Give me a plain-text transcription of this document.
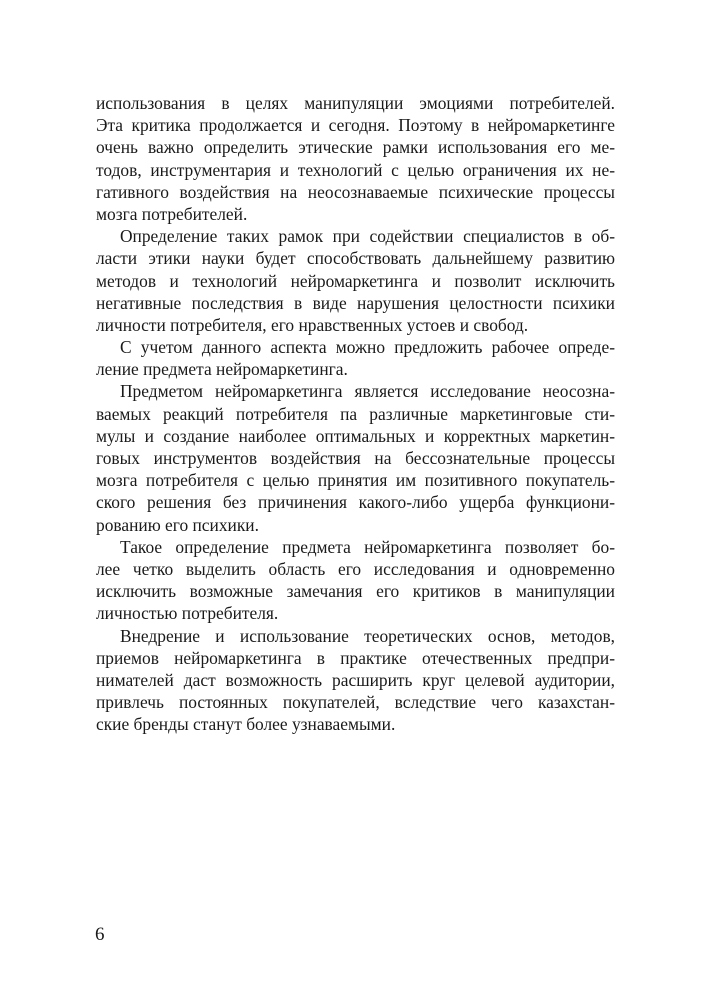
использования в целях манипуляции эмоциями потребителей.
Эта критика продолжается и сегодня. Поэтому в нейромаркетинге
очень важно определить этические рамки использования его ме-
тодов, инструментария и технологий с целью ограничения их не-
гативного воздействия на неосознаваемые психические процессы
мозга потребителей.
Определение таких рамок при содействии специалистов в об-
ласти этики науки будет способствовать дальнейшему развитию
методов и технологий нейромаркетинга и позволит исключить
негативные последствия в виде нарушения целостности психики
личности потребителя, его нравственных устоев и свобод.
С учетом данного аспекта можно предложить рабочее опреде-
ление предмета нейромаркетинга.
Предметом нейромаркетинга является исследование неосозна-
ваемых реакций потребителя па различные маркетинговые сти-
мулы и создание наиболее оптимальных и корректных маркетин-
говых инструментов воздействия на бессознательные процессы
мозга потребителя с целью принятия им позитивного покупатель-
ского решения без причинения какого-либо ущерба функциони-
рованию его психики.
Такое определение предмета нейромаркетинга позволяет бо-
лее четко выделить область его исследования и одновременно
исключить возможные замечания его критиков в манипуляции
личностью потребителя.
Внедрение и использование теоретических основ, методов,
приемов нейромаркетинга в практике отечественных предпри-
нимателей даст возможность расширить круг целевой аудитории,
привлечь постоянных покупателей, вследствие чего казахстан-
ские бренды станут более узнаваемыми.
6
